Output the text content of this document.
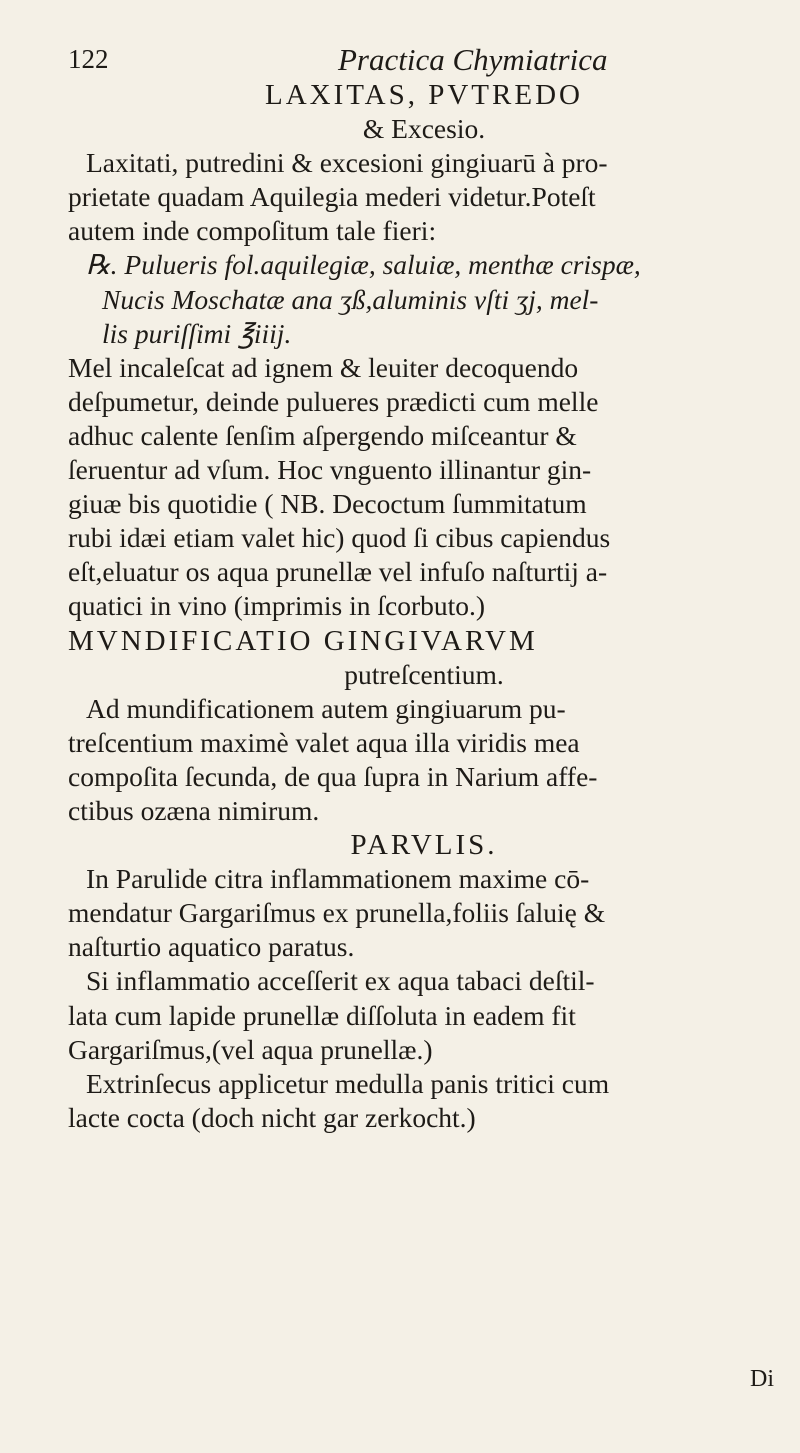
122	Practica Chymiatrica
LAXITAS, PVTREDO
& Excesio.
Laxitati, putredini & excesioni gingiuarū à pro-
prietate quadam Aquilegia mederi videtur.Poteſt
autem inde compoſitum tale fieri:
℞. Pulueris fol.aquilegiæ, saluiæ, menthæ crispæ,
Nucis Moschatæ ana ʒß,aluminis vſti ʒj, mel-
lis puriſſimi ℥iiij.
Mel incaleſcat ad ignem & leuiter decoquendo
deſpumetur, deinde pulueres prædicti cum melle
adhuc calente ſenſim aſpergendo miſceantur &
ſeruentur ad vſum. Hoc vnguento illinantur gin-
giuæ bis quotidie ( NB. Decoctum ſummitatum
rubi idæi etiam valet hic) quod ſi cibus capiendus
eſt,eluatur os aqua prunellæ vel infuſo naſturtij a-
quatici in vino (imprimis in ſcorbuto.)
MVNDIFICATIO GINGIVARVM
putreſcentium.
Ad mundificationem autem gingiuarum pu-
treſcentium maximè valet aqua illa viridis mea
compoſita ſecunda, de qua ſupra in Narium affe-
ctibus ozæna nimirum.
PARVLIS.
In Parulide citra inflammationem maxime cō-
mendatur Gargariſmus ex prunella,foliis ſaluię &
naſturtio aquatico paratus.
Si inflammatio acceſſerit ex aqua tabaci deſtil-
lata cum lapide prunellæ diſſoluta in eadem fit
Gargariſmus,(vel aqua prunellæ.)
Extrinſecus applicetur medulla panis tritici cum
lacte cocta (doch nicht gar zerkocht.)
Di
